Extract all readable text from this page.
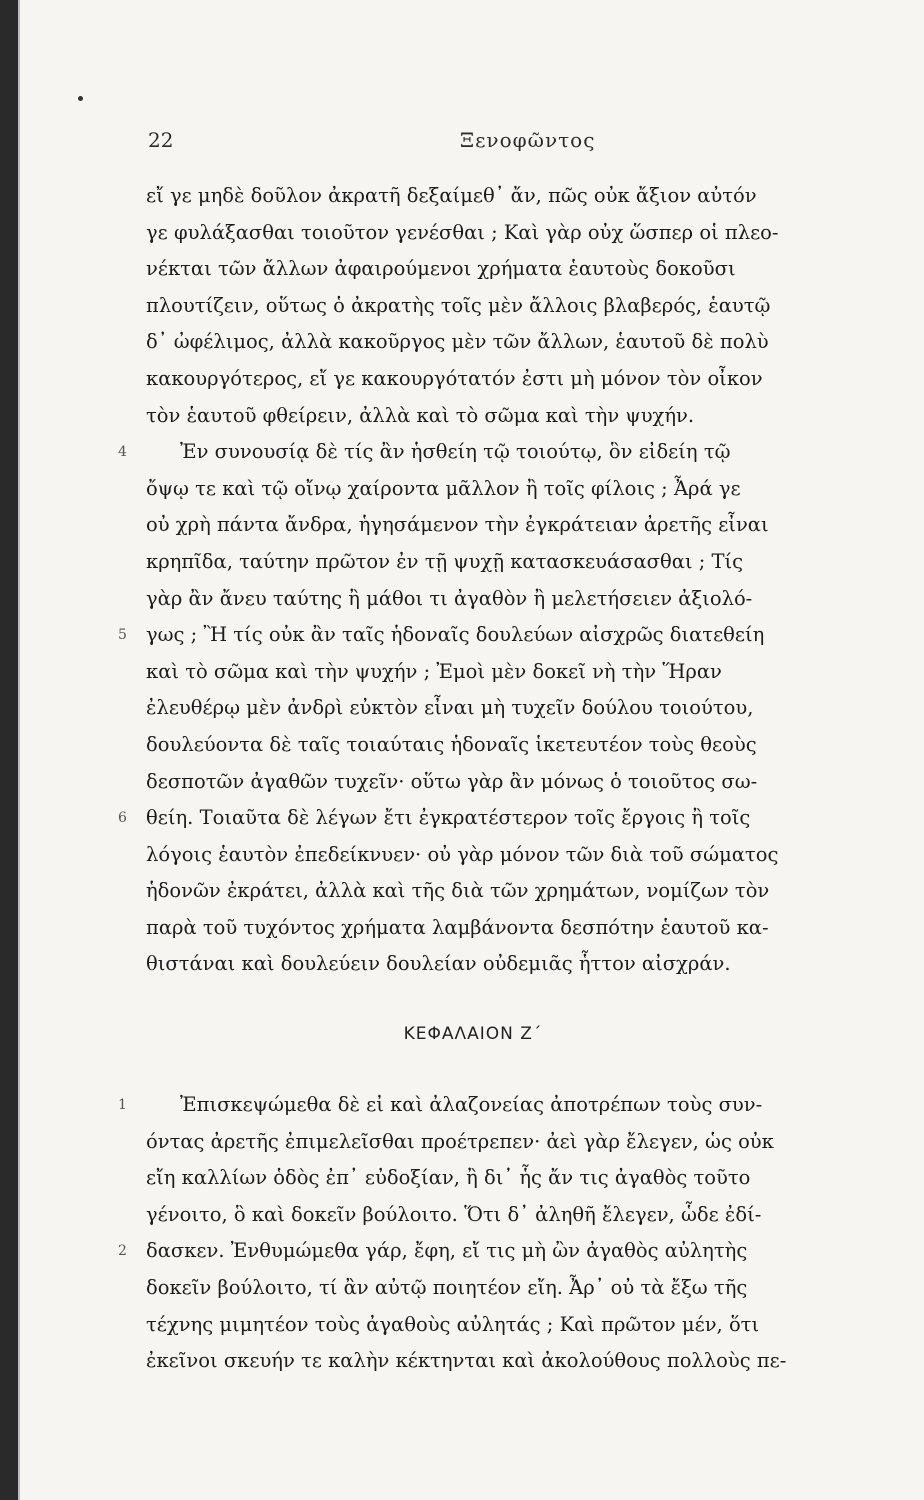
22	Ξενοφῶντος
εἴ γε μηδὲ δοῦλον ἀκρατῆ δεξαίμεθ᾽ ἄν, πῶς οὐκ ἄξιον αὐτόν
γε φυλάξασθαι τοιοῦτον γενέσθαι ; Καὶ γὰρ οὐχ ὥσπερ οἱ πλεο-
νέκται τῶν ἄλλων ἀφαιρούμενοι χρήματα ἑαυτοὺς δοκοῦσι
πλουτίζειν, οὕτως ὁ ἀκρατὴς τοῖς μὲν ἄλλοις βλαβερός, ἑαυτῷ
δ᾽ ὠφέλιμος, ἀλλὰ κακοῦργος μὲν τῶν ἄλλων, ἑαυτοῦ δὲ πολὺ
κακουργότερος, εἴ γε κακουργότατόν ἐστι μὴ μόνον τὸν οἶκον
τὸν ἑαυτοῦ φθείρειν, ἀλλὰ καὶ τὸ σῶμα καὶ τὴν ψυχήν.
4	Ἐν συνουσίᾳ δὲ τίς ἂν ἡσθείη τῷ τοιούτῳ, ὃν εἰδείη τῷ
ὄψῳ τε καὶ τῷ οἴνῳ χαίροντα μᾶλλον ἢ τοῖς φίλοις ; Ἆρά γε
οὐ χρὴ πάντα ἄνδρα, ἡγησάμενον τὴν ἐγκράτειαν ἀρετῆς εἶναι
κρηπῖδα, ταύτην πρῶτον ἐν τῇ ψυχῇ κατασκευάσασθαι ; Τίς
γὰρ ἂν ἄνευ ταύτης ἢ μάθοι τι ἀγαθὸν ἢ μελετήσειεν ἀξιολό-
5 γως ; Ἢ τίς οὐκ ἂν ταῖς ἡδοναῖς δουλεύων αἰσχρῶς διατεθείη
καὶ τὸ σῶμα καὶ τὴν ψυχήν ; Ἐμοὶ μὲν δοκεῖ νὴ τὴν Ἥραν
ἐλευθέρῳ μὲν ἀνδρὶ εὐκτὸν εἶναι μὴ τυχεῖν δούλου τοιούτου,
δουλεύοντα δὲ ταῖς τοιαύταις ἡδοναῖς ἱκετευτέον τοὺς θεοὺς
δεσποτῶν ἀγαθῶν τυχεῖν· οὕτω γὰρ ἂν μόνως ὁ τοιοῦτος σω-
6 θείη. Τοιαῦτα δὲ λέγων ἔτι ἐγκρατέστερον τοῖς ἔργοις ἢ τοῖς
λόγοις ἑαυτὸν ἐπεδείκνυεν· οὐ γὰρ μόνον τῶν διὰ τοῦ σώματος
ἡδονῶν ἐκράτει, ἀλλὰ καὶ τῆς διὰ τῶν χρημάτων, νομίζων τὸν
παρὰ τοῦ τυχόντος χρήματα λαμβάνοντα δεσπότην ἑαυτοῦ κα-
θιστάναι καὶ δουλεύειν δουλείαν οὐδεμιᾶς ἧττον αἰσχράν.
ΚΕΦΑΛΑΙΟΝ Ζ΄
1	Ἐπισκεψώμεθα δὲ εἰ καὶ ἀλαζονείας ἀποτρέπων τοὺς συν-
όντας ἀρετῆς ἐπιμελεῖσθαι προέτρεπεν· ἀεὶ γὰρ ἔλεγεν, ὡς οὐκ
εἴη καλλίων ὁδὸς ἐπ᾽ εὐδοξίαν, ἢ δι᾽ ἧς ἄν τις ἀγαθὸς τοῦτο
γένοιτο, ὃ καὶ δοκεῖν βούλοιτο. Ὅτι δ᾽ ἀληθῆ ἔλεγεν, ὧδε ἐδί-
2 δασκεν. Ἐνθυμώμεθα γάρ, ἔφη, εἴ τις μὴ ὢν ἀγαθὸς αὐλητὴς
δοκεῖν βούλοιτο, τί ἂν αὐτῷ ποιητέον εἴη. Ἆρ᾽ οὐ τὰ ἔξω τῆς
τέχνης μιμητέον τοὺς ἀγαθοὺς αὐλητάς ; Καὶ πρῶτον μέν, ὅτι
ἐκεῖνοι σκευήν τε καλὴν κέκτηνται καὶ ἀκολούθους πολλοὺς πε-
